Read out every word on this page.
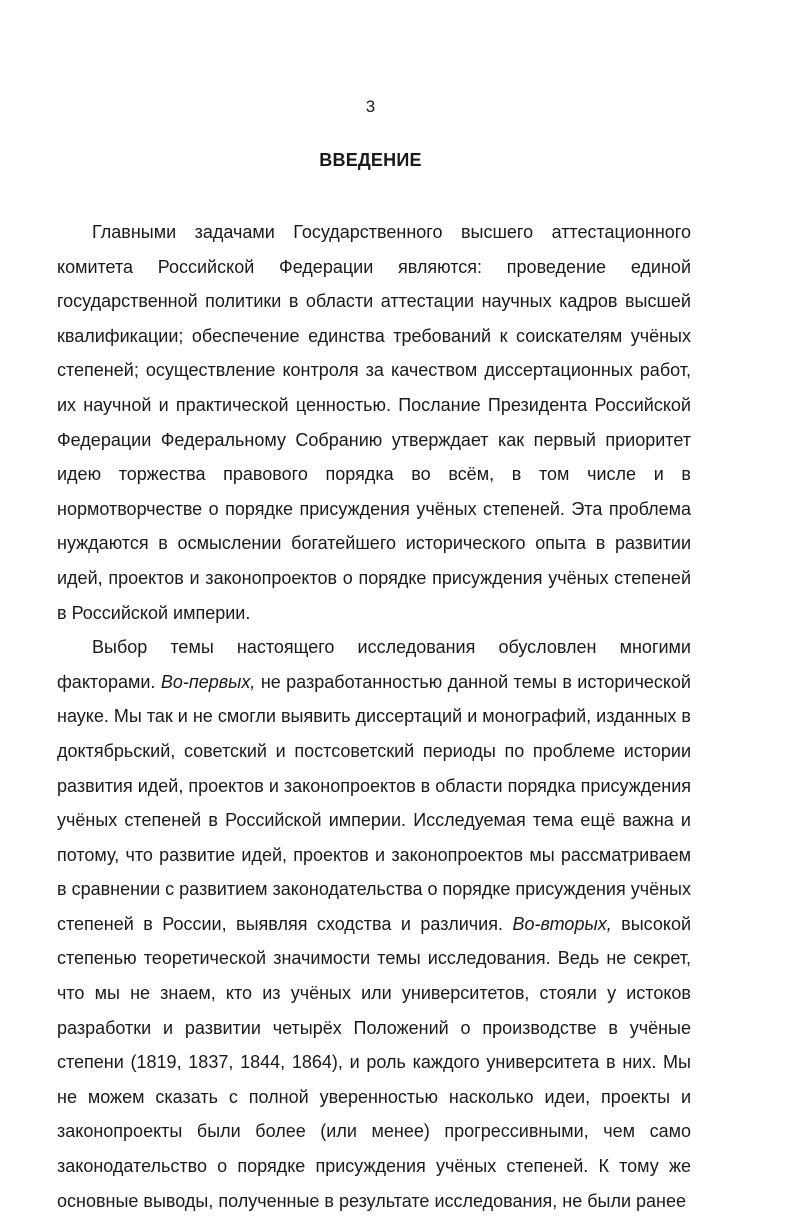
3
ВВЕДЕНИЕ

Главными задачами Государственного высшего аттестационного комитета Российской Федерации являются: проведение единой государственной политики в области аттестации научных кадров высшей квалификации; обеспечение единства требований к соискателям учёных степеней; осуществление контроля за качеством диссертационных работ, их научной и практической ценностью. Послание Президента Российской Федерации Федеральному Собранию утверждает как первый приоритет идею торжества правового порядка во всём, в том числе и в нормотворчестве о порядке присуждения учёных степеней. Эта проблема нуждаются в осмыслении богатейшего исторического опыта в развитии идей, проектов и законопроектов о порядке присуждения учёных степеней в Российской империи.

Выбор темы настоящего исследования обусловлен многими факторами. Во-первых, не разработанностью данной темы в исторической науке. Мы так и не смогли выявить диссертаций и монографий, изданных в доктябрьский, советский и постсоветский периоды по проблеме истории развития идей, проектов и законопроектов в области порядка присуждения учёных степеней в Российской империи. Исследуемая тема ещё важна и потому, что развитие идей, проектов и законопроектов мы рассматриваем в сравнении с развитием законодательства о порядке присуждения учёных степеней в России, выявляя сходства и различия. Во-вторых, высокой степенью теоретической значимости темы исследования. Ведь не секрет, что мы не знаем, кто из учёных или университетов, стояли у истоков разработки и развитии четырёх Положений о производстве в учёные степени (1819, 1837, 1844, 1864), и роль каждого университета в них. Мы не можем сказать с полной уверенностью насколько идеи, проекты и законопроекты были более (или менее) прогрессивными, чем само законодательство о порядке присуждения учёных степеней. К тому же основные выводы, полученные в результате исследования, не были ранее
